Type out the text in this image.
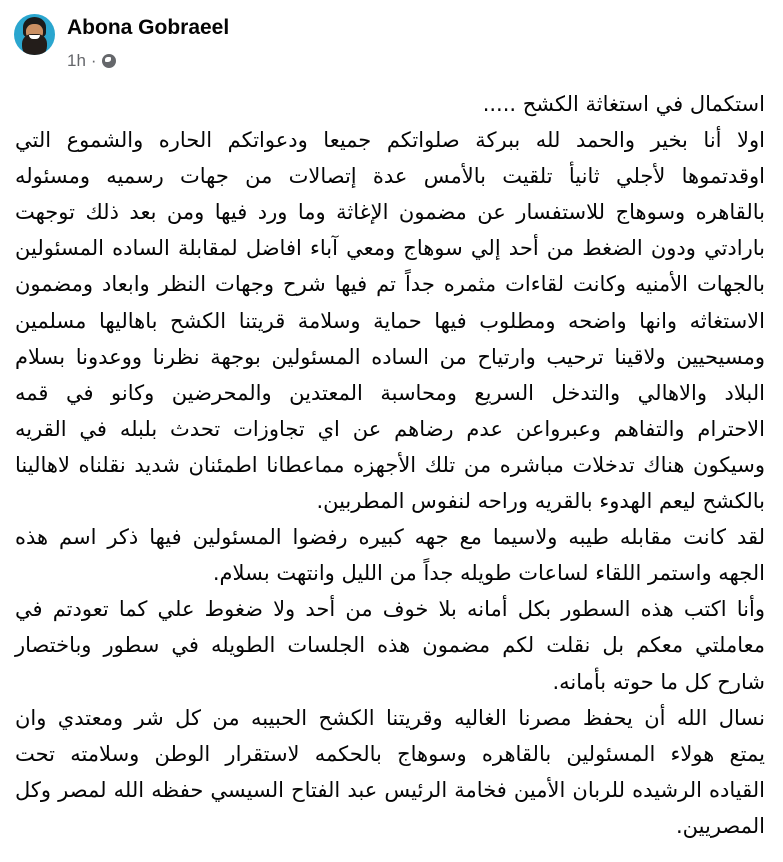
Abona Gobraeel
1h ·
استكمال في استغاثة الكشح .....
اولا أنا بخير والحمد لله ببركة صلواتكم جميعا ودعواتكم الحاره والشموع التي
اوقدتموها لأجلي ثانيأ تلقيت بالأمس عدة إتصالات من جهات رسميه ومسئوله
بالقاهره وسوهاج للاستفسار عن مضمون الإغاثة وما ورد فيها ومن بعد ذلك توجهت
بارادتي ودون الضغط من أحد إلي سوهاج ومعي آباء افاضل لمقابلة الساده المسئولين
بالجهات الأمنيه وكانت لقاءات مثمره جداً تم فيها شرح وجهات النظر وابعاد ومضمون
الاستغاثه وانها واضحه ومطلوب فيها حماية وسلامة قريتنا الكشح باهاليها مسلمين
ومسيحيين ولاقينا ترحيب وارتياح من الساده المسئولين بوجهة نظرنا ووعدونا بسلام
البلاد والاهالي والتدخل السريع ومحاسبة المعتدين والمحرضين وكانو في قمه
الاحترام والتفاهم وعبرواعن عدم رضاهم عن اي تجاوزات تحدث بلبله في القريه
وسيكون هناك تدخلات مباشره من تلك الأجهزه مماعطانا اطمئنان شديد نقلناه لاهالينا
بالكشح ليعم الهدوء بالقريه وراحه لنفوس المطربين.
لقد كانت مقابله طيبه ولاسيما مع جهه كبيره رفضوا المسئولين فيها ذكر اسم هذه
الجهه واستمر اللقاء لساعات طويله جداً من الليل وانتهت بسلام.
وأنا اكتب هذه السطور بكل أمانه بلا خوف من أحد ولا ضغوط علي كما تعودتم في
معاملتي معكم بل نقلت لكم مضمون هذه الجلسات الطويله في سطور وباختصار
شارح كل ما حوته بأمانه.
نسال الله أن يحفظ مصرنا الغاليه وقريتنا الكشح الحبيبه من كل شر ومعتدي وان
يمتع هولاء المسئولين بالقاهره وسوهاج بالحكمه لاستقرار الوطن وسلامته تحت
القياده الرشيده للربان الأمين فخامة الرئيس عبد الفتاح السيسي حفظه الله لمصر وكل
المصريين.
